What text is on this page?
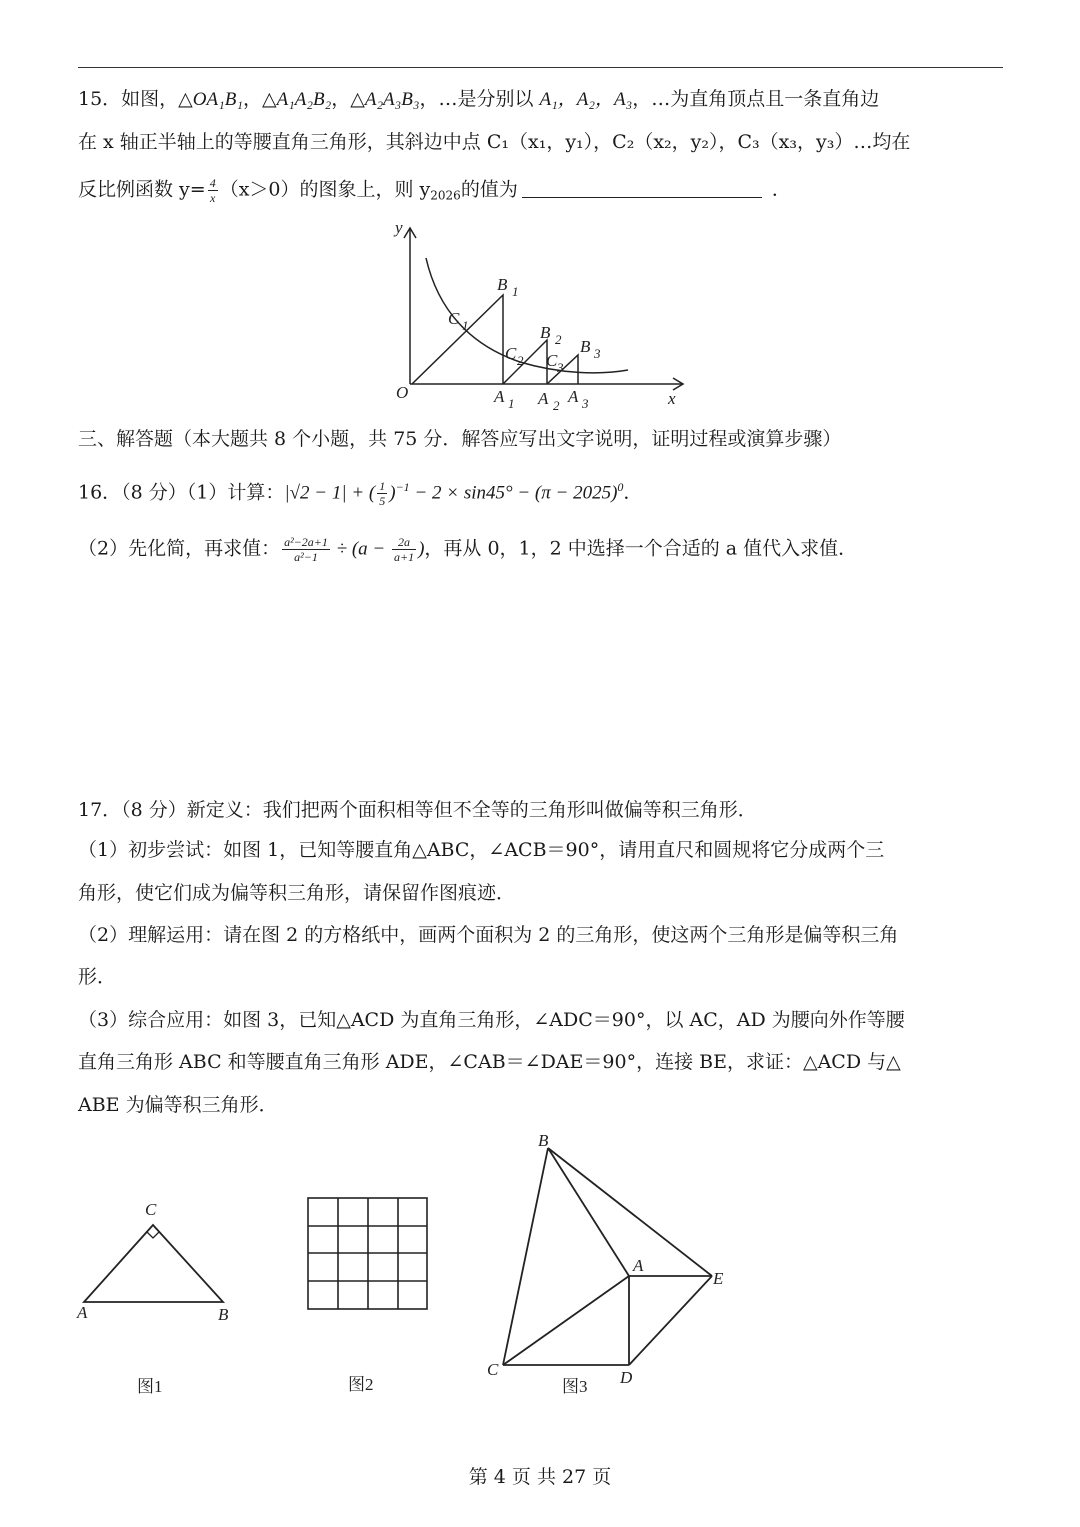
15．如图，△OA₁B₁，△A₁A₂B₂，△A₂A₃B₃，…是分别以 A₁，A₂，A₃，…为直角顶点且一条直角边
在 x 轴正半轴上的等腰直角三角形，其斜边中点 C₁（x₁，y₁），C₂（x₂，y₂），C₃（x₃，y₃）…均在
反比例函数 $y= \frac{4}{x} (x>0)$的图象上，则 $y_{2026}$的值为	．
y
x
O
B 1
B 2 B 3
C 1
C 2 C 3
A 1 A 2 A 3
三、解答题（本大题共 8 个小题，共 75 分．解答应写出文字说明，证明过程或演算步骤）
16．（8 分）（1）计算：|√2 − 1| + ( $\frac{1}{5} )^{-1} - 2 \times \sin 45^\circ - (\pi - 2025)^0$．
（2）先化简，再求值： $\frac{\text{a²−2a+1}}{\text{a²−1}} \div (a - \frac{2a}{a+1}$ )，再从 0，1，2 中选择一个合适的 a 值代入求值．
17．（8 分）新定义：我们把两个面积相等但不全等的三角形叫做偏等积三角形．
（1）初步尝试：如图 1，已知等腰直角△ABC，∠ACB＝90°，请用直尺和圆规将它分成两个三
角形，使它们成为偏等积三角形，请保留作图痕迹．
（2）理解运用：请在图 2 的方格纸中，画两个面积为 2 的三角形，使这两个三角形是偏等积三角
形．
（3）综合应用：如图 3，已知△ACD 为直角三角形，∠ADC＝90°，以 AC，AD 为腰向外作等腰
直角三角形 ABC 和等腰直角三角形 ADE，∠CAB＝∠DAE＝90°，连接 BE，求证：△ACD 与△
ABE 为偏等积三角形．
C
A	B
图1	图2
B
A
E
C	D
图3
第 4 页 共 27 页
